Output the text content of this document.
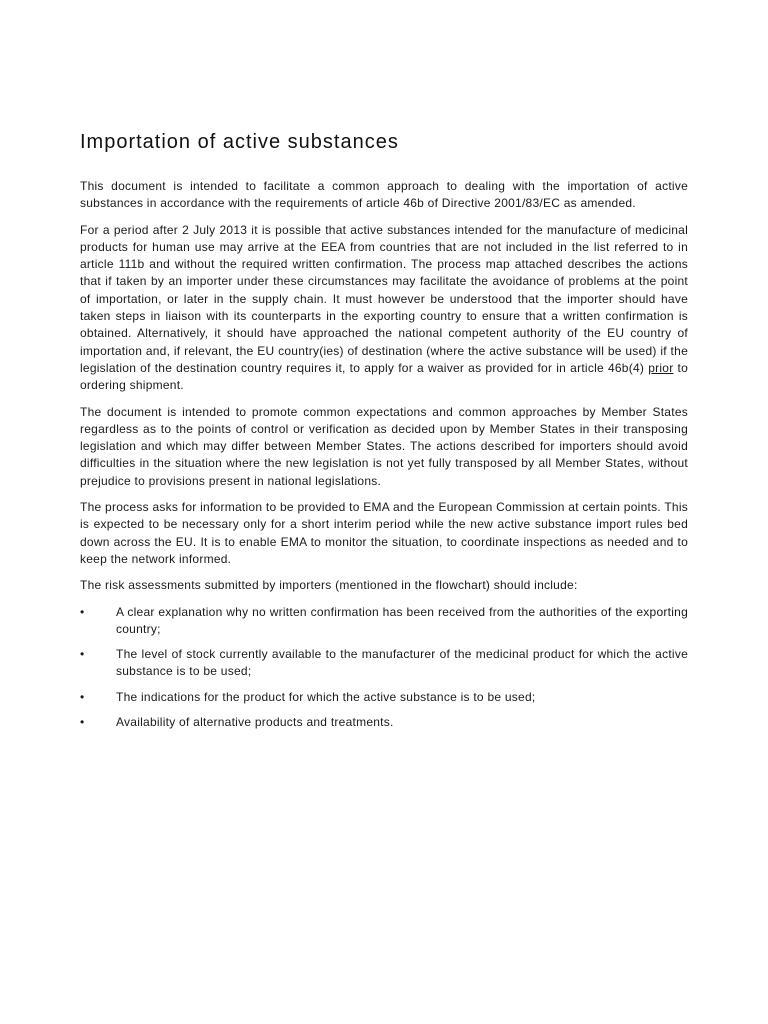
Importation of active substances

This document is intended to facilitate a common approach to dealing with the importation of active substances in accordance with the requirements of article 46b of Directive 2001/83/EC as amended.

For a period after 2 July 2013 it is possible that active substances intended for the manufacture of medicinal products for human use may arrive at the EEA from countries that are not included in the list referred to in article 111b and without the required written confirmation. The process map attached describes the actions that if taken by an importer under these circumstances may facilitate the avoidance of problems at the point of importation, or later in the supply chain. It must however be understood that the importer should have taken steps in liaison with its counterparts in the exporting country to ensure that a written confirmation is obtained. Alternatively, it should have approached the national competent authority of the EU country of importation and, if relevant, the EU country(ies) of destination (where the active substance will be used) if the legislation of the destination country requires it, to apply for a waiver as provided for in article 46b(4) prior to ordering shipment.

The document is intended to promote common expectations and common approaches by Member States regardless as to the points of control or verification as decided upon by Member States in their transposing legislation and which may differ between Member States. The actions described for importers should avoid difficulties in the situation where the new legislation is not yet fully transposed by all Member States, without prejudice to provisions present in national legislations.

The process asks for information to be provided to EMA and the European Commission at certain points. This is expected to be necessary only for a short interim period while the new active substance import rules bed down across the EU. It is to enable EMA to monitor the situation, to coordinate inspections as needed and to keep the network informed.

The risk assessments submitted by importers (mentioned in the flowchart) should include:

•	A clear explanation why no written confirmation has been received from the authorities of the exporting country;
•	The level of stock currently available to the manufacturer of the medicinal product for which the active substance is to be used;
•	The indications for the product for which the active substance is to be used;
•	Availability of alternative products and treatments.
